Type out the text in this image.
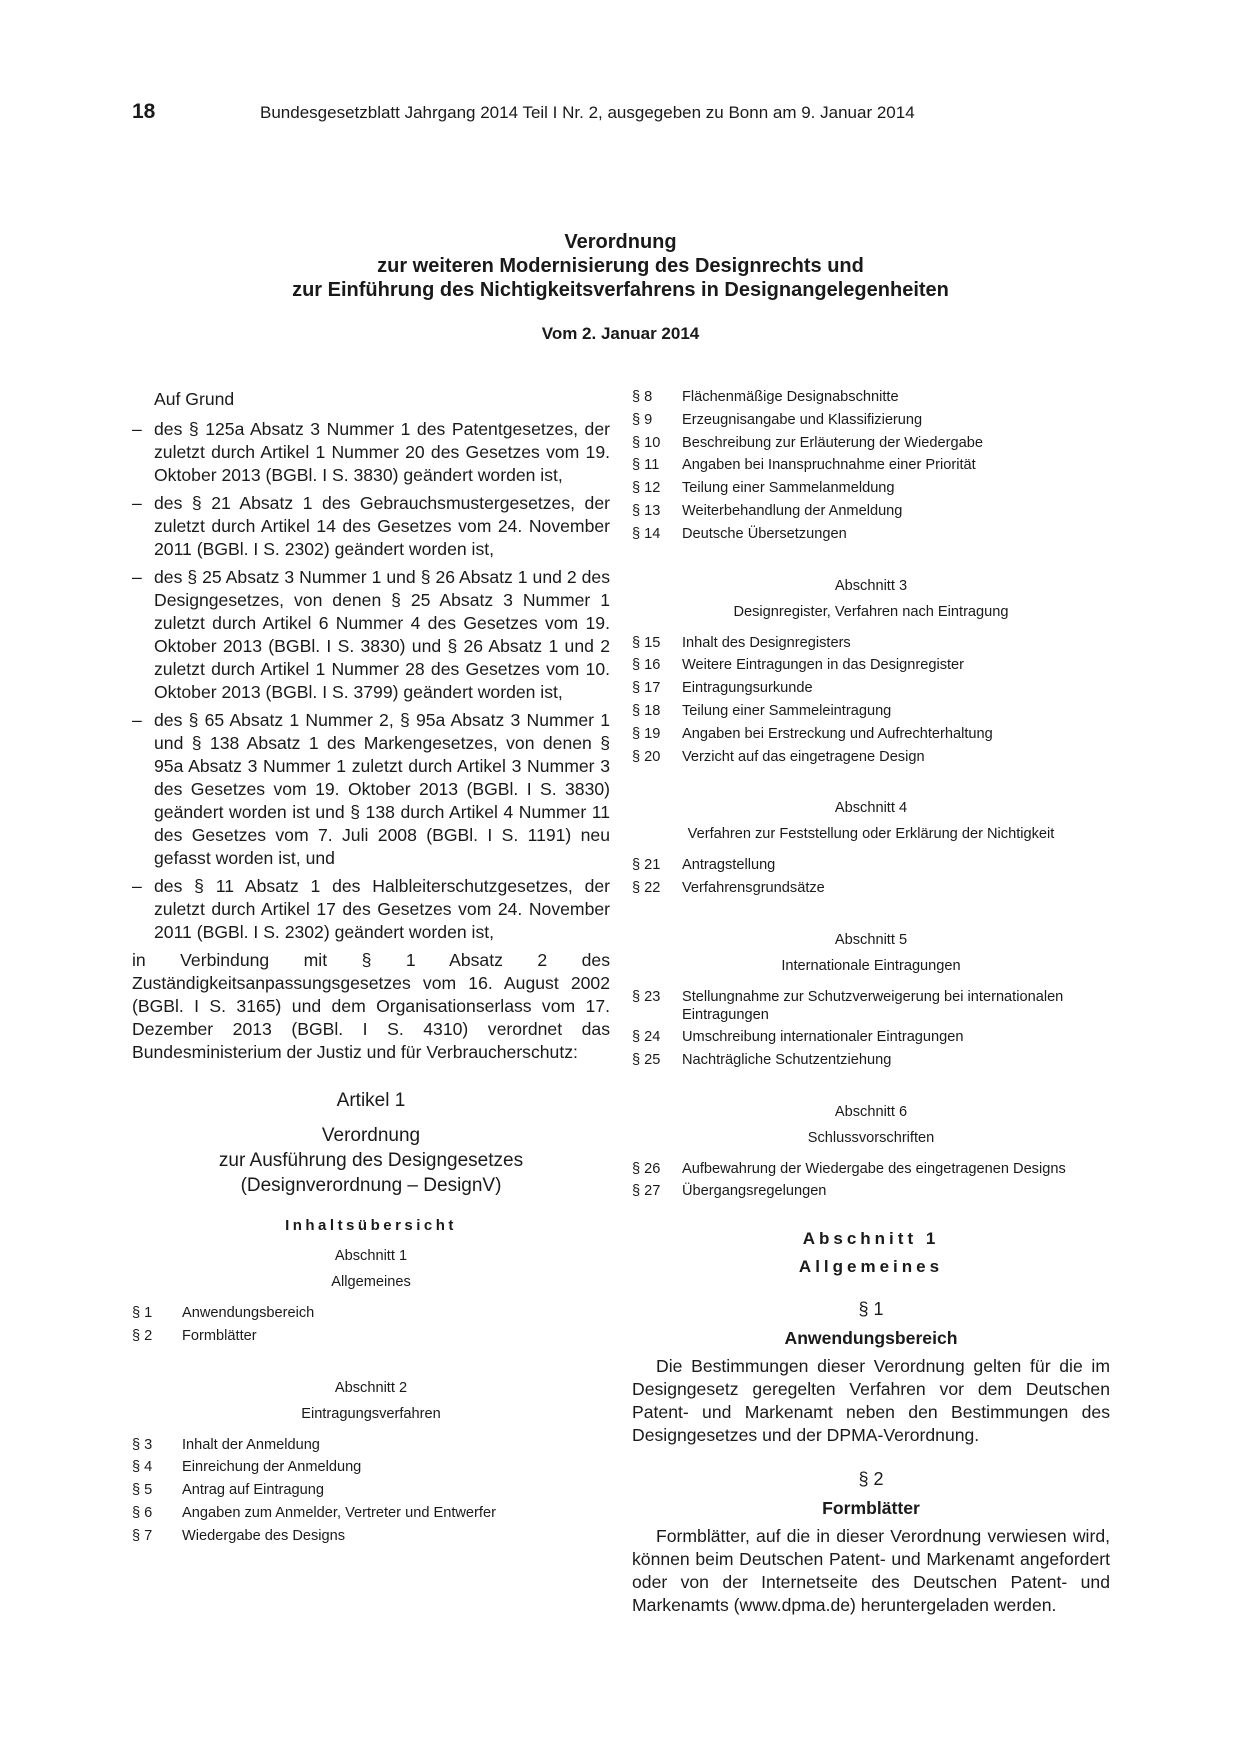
18	Bundesgesetzblatt Jahrgang 2014 Teil I Nr. 2, ausgegeben zu Bonn am 9. Januar 2014
Verordnung
zur weiteren Modernisierung des Designrechts und
zur Einführung des Nichtigkeitsverfahrens in Designangelegenheiten
Vom 2. Januar 2014
Auf Grund
– des § 125a Absatz 3 Nummer 1 des Patentgesetzes, der zuletzt durch Artikel 1 Nummer 20 des Gesetzes vom 19. Oktober 2013 (BGBl. I S. 3830) geändert worden ist,
– des § 21 Absatz 1 des Gebrauchsmustergesetzes, der zuletzt durch Artikel 14 des Gesetzes vom 24. November 2011 (BGBl. I S. 2302) geändert worden ist,
– des § 25 Absatz 3 Nummer 1 und § 26 Absatz 1 und 2 des Designgesetzes, von denen § 25 Absatz 3 Nummer 1 zuletzt durch Artikel 6 Nummer 4 des Gesetzes vom 19. Oktober 2013 (BGBl. I S. 3830) und § 26 Absatz 1 und 2 zuletzt durch Artikel 1 Nummer 28 des Gesetzes vom 10. Oktober 2013 (BGBl. I S. 3799) geändert worden ist,
– des § 65 Absatz 1 Nummer 2, § 95a Absatz 3 Nummer 1 und § 138 Absatz 1 des Markengesetzes, von denen § 95a Absatz 3 Nummer 1 zuletzt durch Artikel 3 Nummer 3 des Gesetzes vom 19. Oktober 2013 (BGBl. I S. 3830) geändert worden ist und § 138 durch Artikel 4 Nummer 11 des Gesetzes vom 7. Juli 2008 (BGBl. I S. 1191) neu gefasst worden ist, und
– des § 11 Absatz 1 des Halbleiterschutzgesetzes, der zuletzt durch Artikel 17 des Gesetzes vom 24. November 2011 (BGBl. I S. 2302) geändert worden ist,
in Verbindung mit § 1 Absatz 2 des Zuständigkeitsanpassungsgesetzes vom 16. August 2002 (BGBl. I S. 3165) und dem Organisationserlass vom 17. Dezember 2013 (BGBl. I S. 4310) verordnet das Bundesministerium der Justiz und für Verbraucherschutz:
Artikel 1
Verordnung
zur Ausführung des Designgesetzes
(Designverordnung – DesignV)
Inhaltsübersicht
Abschnitt 1
Allgemeines
§ 1	Anwendungsbereich
§ 2	Formblätter
Abschnitt 2
Eintragungsverfahren
§ 3	Inhalt der Anmeldung
§ 4	Einreichung der Anmeldung
§ 5	Antrag auf Eintragung
§ 6	Angaben zum Anmelder, Vertreter und Entwerfer
§ 7	Wiedergabe des Designs
§ 8	Flächenmäßige Designabschnitte
§ 9	Erzeugnisangabe und Klassifizierung
§ 10	Beschreibung zur Erläuterung der Wiedergabe
§ 11	Angaben bei Inanspruchnahme einer Priorität
§ 12	Teilung einer Sammelanmeldung
§ 13	Weiterbehandlung der Anmeldung
§ 14	Deutsche Übersetzungen
Abschnitt 3
Designregister, Verfahren nach Eintragung
§ 15	Inhalt des Designregisters
§ 16	Weitere Eintragungen in das Designregister
§ 17	Eintragungsurkunde
§ 18	Teilung einer Sammeleintragung
§ 19	Angaben bei Erstreckung und Aufrechterhaltung
§ 20	Verzicht auf das eingetragene Design
Abschnitt 4
Verfahren zur Feststellung oder Erklärung der Nichtigkeit
§ 21	Antragstellung
§ 22	Verfahrensgrundsätze
Abschnitt 5
Internationale Eintragungen
§ 23	Stellungnahme zur Schutzverweigerung bei internationalen Eintragungen
§ 24	Umschreibung internationaler Eintragungen
§ 25	Nachträgliche Schutzentziehung
Abschnitt 6
Schlussvorschriften
§ 26	Aufbewahrung der Wiedergabe des eingetragenen Designs
§ 27	Übergangsregelungen
Abschnitt 1
Allgemeines
§ 1
Anwendungsbereich
Die Bestimmungen dieser Verordnung gelten für die im Designgesetz geregelten Verfahren vor dem Deutschen Patent- und Markenamt neben den Bestimmungen des Designgesetzes und der DPMA-Verordnung.
§ 2
Formblätter
Formblätter, auf die in dieser Verordnung verwiesen wird, können beim Deutschen Patent- und Markenamt angefordert oder von der Internetseite des Deutschen Patent- und Markenamts (www.dpma.de) heruntergeladen werden.
